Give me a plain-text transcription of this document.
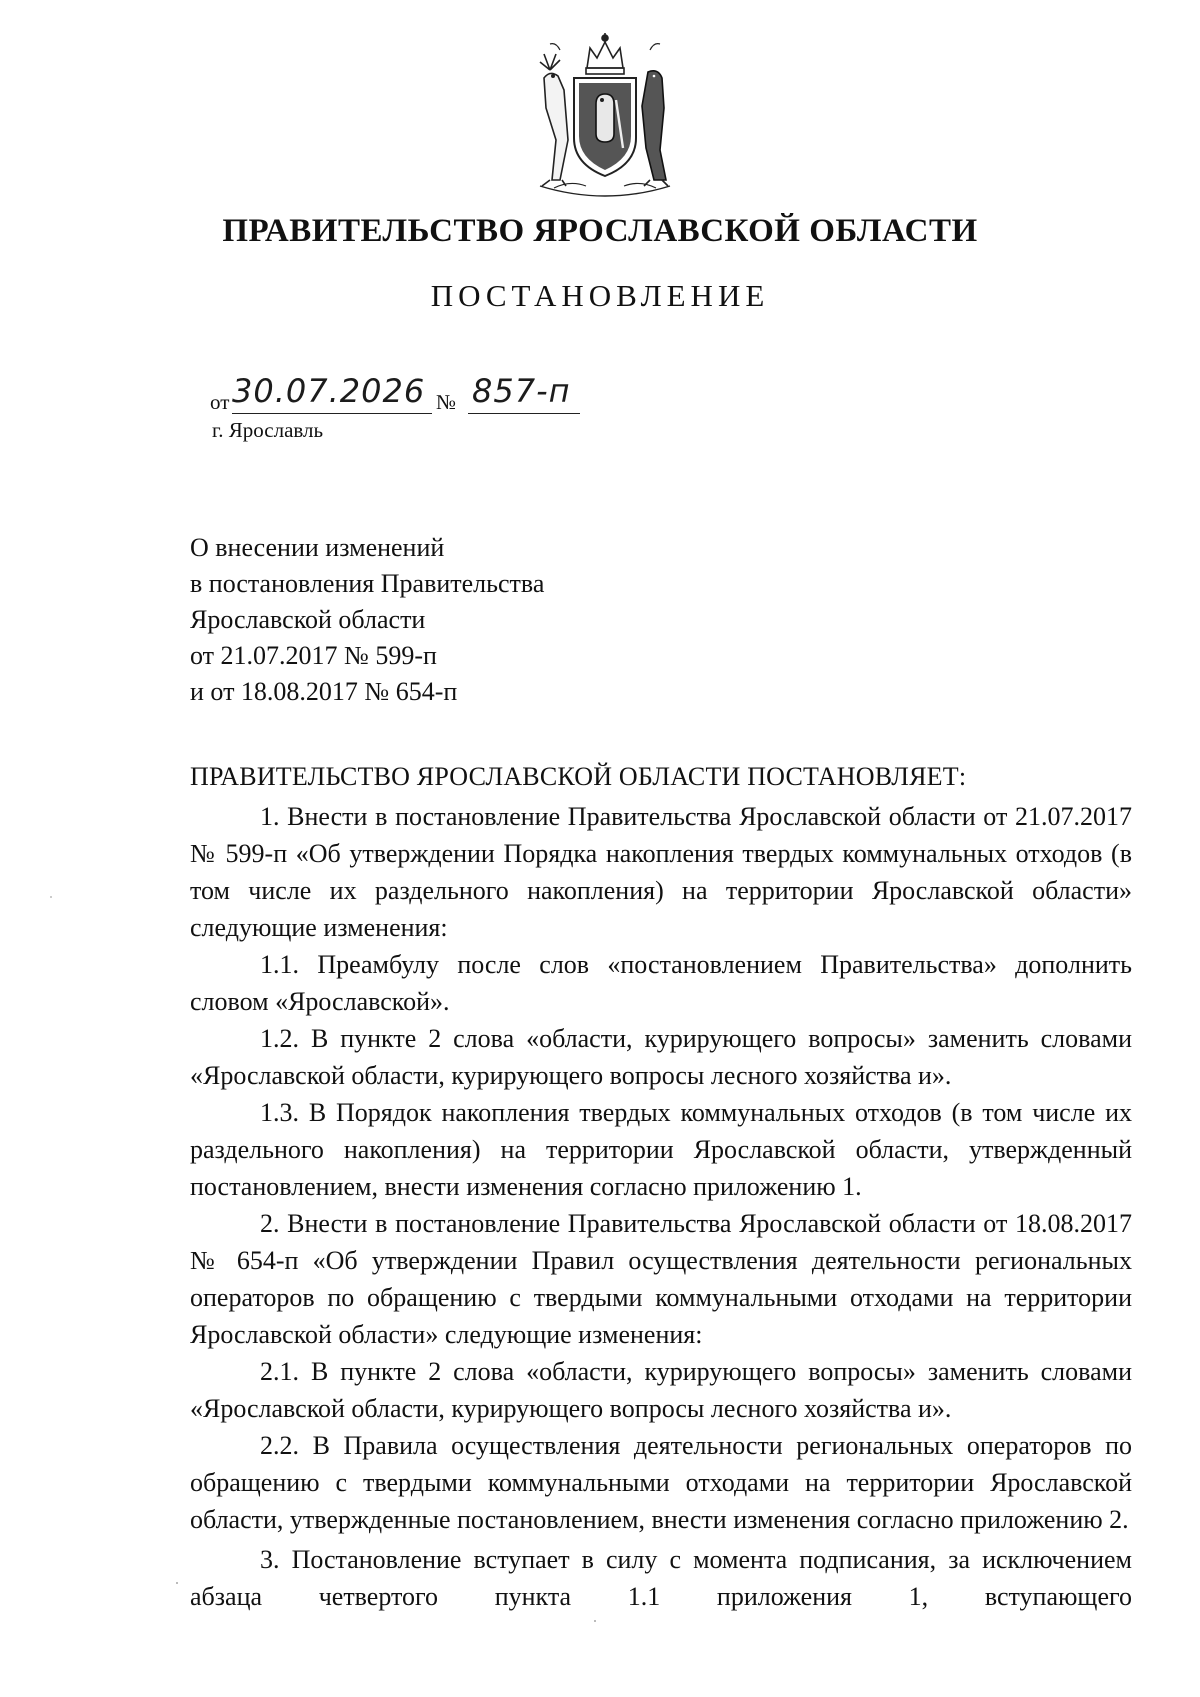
ПРАВИТЕЛЬСТВО ЯРОСЛАВСКОЙ ОБЛАСТИ
ПОСТАНОВЛЕНИЕ
от 30.07.2026 № 857-п
г. Ярославль
О внесении изменений
в постановления Правительства
Ярославской области
от 21.07.2017 № 599-п
и от 18.08.2017 № 654-п
ПРАВИТЕЛЬСТВО ЯРОСЛАВСКОЙ ОБЛАСТИ ПОСТАНОВЛЯЕТ:

1. Внести в постановление Правительства Ярославской области от 21.07.2017 № 599-п «Об утверждении Порядка накопления твердых коммунальных отходов (в том числе их раздельного накопления) на территории Ярославской области» следующие изменения:

1.1. Преамбулу после слов «постановлением Правительства» дополнить словом «Ярославской».

1.2. В пункте 2 слова «области, курирующего вопросы» заменить словами «Ярославской области, курирующего вопросы лесного хозяйства и».

1.3. В Порядок накопления твердых коммунальных отходов (в том числе их раздельного накопления) на территории Ярославской области, утвержденный постановлением, внести изменения согласно приложению 1.

2. Внести в постановление Правительства Ярославской области от 18.08.2017 № 654-п «Об утверждении Правил осуществления деятельности региональных операторов по обращению с твердыми коммунальными отходами на территории Ярославской области» следующие изменения:

2.1. В пункте 2 слова «области, курирующего вопросы» заменить словами «Ярославской области, курирующего вопросы лесного хозяйства и».

2.2. В Правила осуществления деятельности региональных операторов по обращению с твердыми коммунальными отходами на территории Ярославской области, утвержденные постановлением, внести изменения согласно приложению 2.

3. Постановление вступает в силу с момента подписания, за исключением абзаца четвертого пункта 1.1 приложения 1, вступающего
